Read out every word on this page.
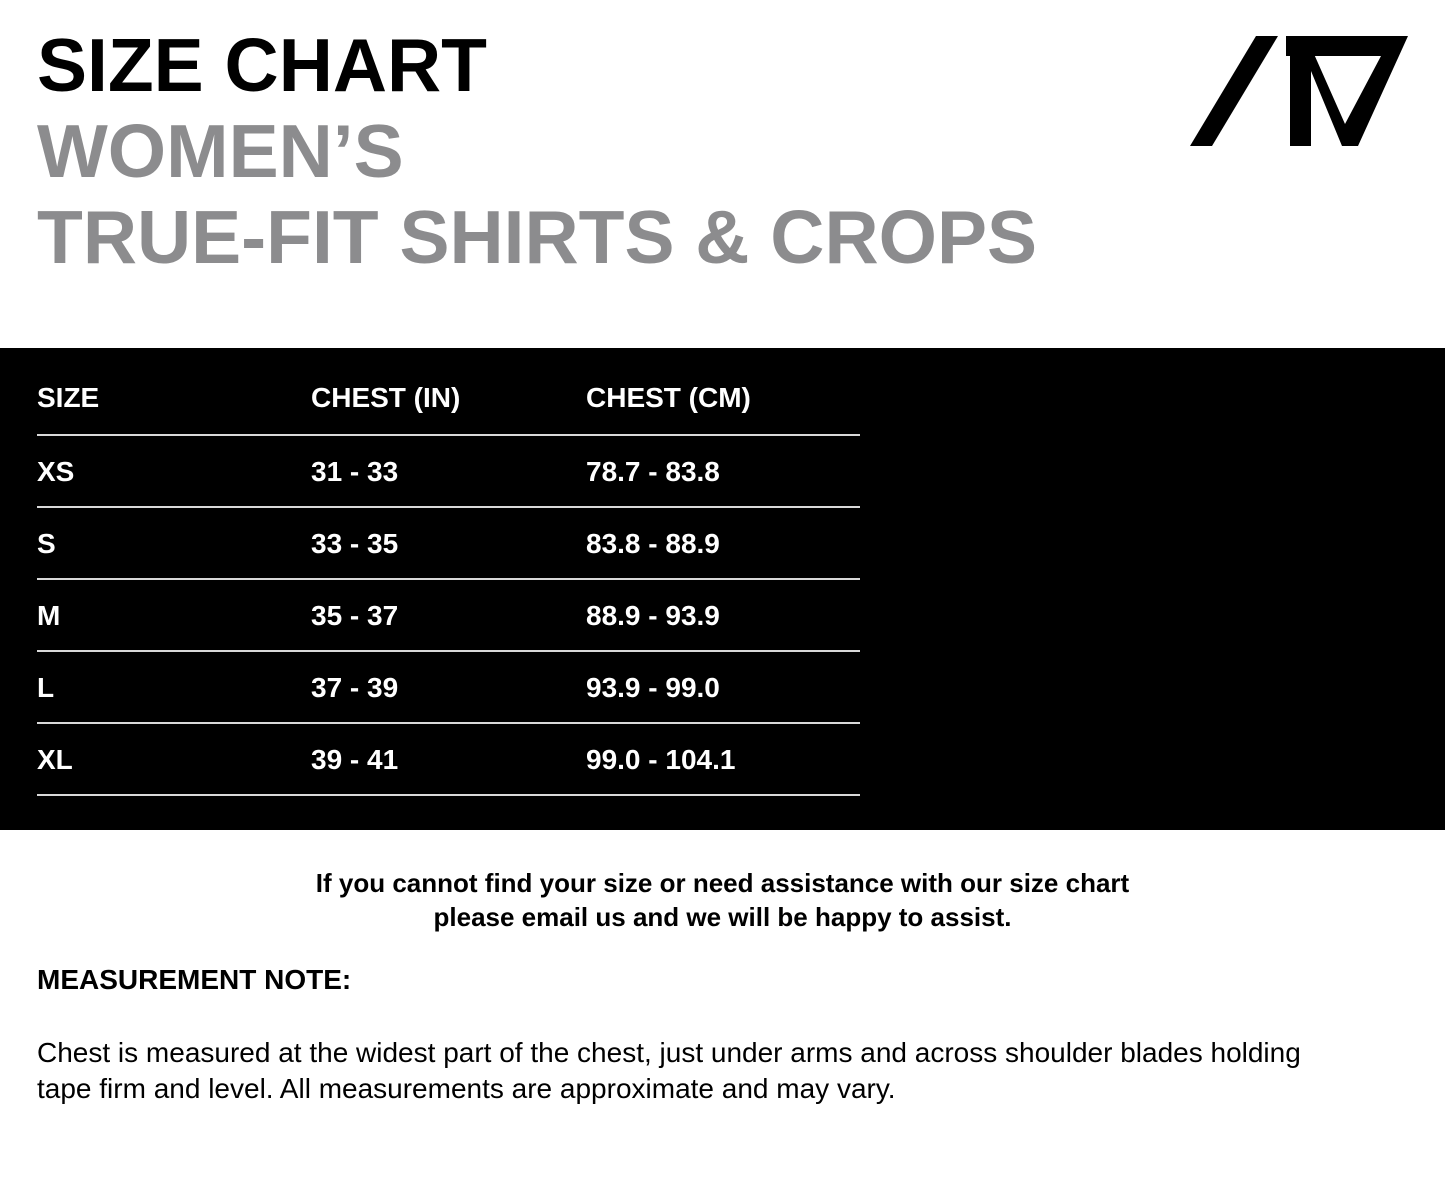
SIZE CHART
WOMEN’S
TRUE-FIT SHIRTS & CROPS
SIZE	CHEST (IN)	CHEST (CM)
XS	31 - 33	78.7 - 83.8
S	33 - 35	83.8 - 88.9
M	35 - 37	88.9 - 93.9
L	37 - 39	93.9 - 99.0
XL	39 - 41	99.0 - 104.1
If you cannot find your size or need assistance with our size chart
please email us and we will be happy to assist.
MEASUREMENT NOTE:
Chest is measured at the widest part of the chest, just under arms and across shoulder blades holding
tape firm and level. All measurements are approximate and may vary.
